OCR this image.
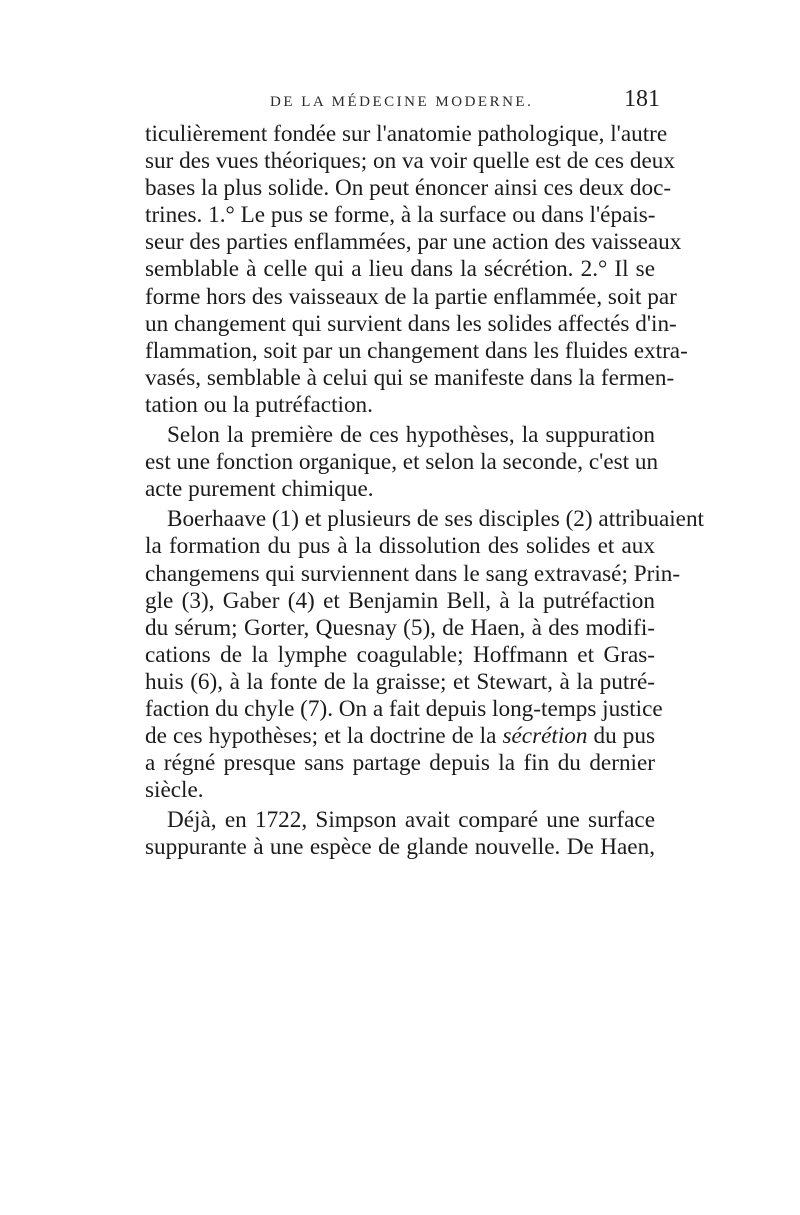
DE LA MÉDECINE MODERNE.	181
ticulièrement fondée sur l'anatomie pathologique, l'autre
sur des vues théoriques; on va voir quelle est de ces deux
bases la plus solide. On peut énoncer ainsi ces deux doc-
trines. 1.° Le pus se forme, à la surface ou dans l'épais-
seur des parties enflammées, par une action des vaisseaux
semblable à celle qui a lieu dans la sécrétion. 2.° Il se
forme hors des vaisseaux de la partie enflammée, soit par
un changement qui survient dans les solides affectés d'in-
flammation, soit par un changement dans les fluides extra-
vasés, semblable à celui qui se manifeste dans la fermen-
tation ou la putréfaction.
Selon la première de ces hypothèses, la suppuration
est une fonction organique, et selon la seconde, c'est un
acte purement chimique.
Boerhaave (1) et plusieurs de ses disciples (2) attribuaient
la formation du pus à la dissolution des solides et aux
changemens qui surviennent dans le sang extravasé; Prin-
gle (3), Gaber (4) et Benjamin Bell, à la putréfaction
du sérum; Gorter, Quesnay (5), de Haen, à des modifi-
cations de la lymphe coagulable; Hoffmann et Gras-
huis (6), à la fonte de la graisse; et Stewart, à la putré-
faction du chyle (7). On a fait depuis long-temps justice
de ces hypothèses; et la doctrine de la sécrétion du pus
a régné presque sans partage depuis la fin du dernier
siècle.
Déjà, en 1722, Simpson avait comparé une surface
suppurante à une espèce de glande nouvelle. De Haen,
